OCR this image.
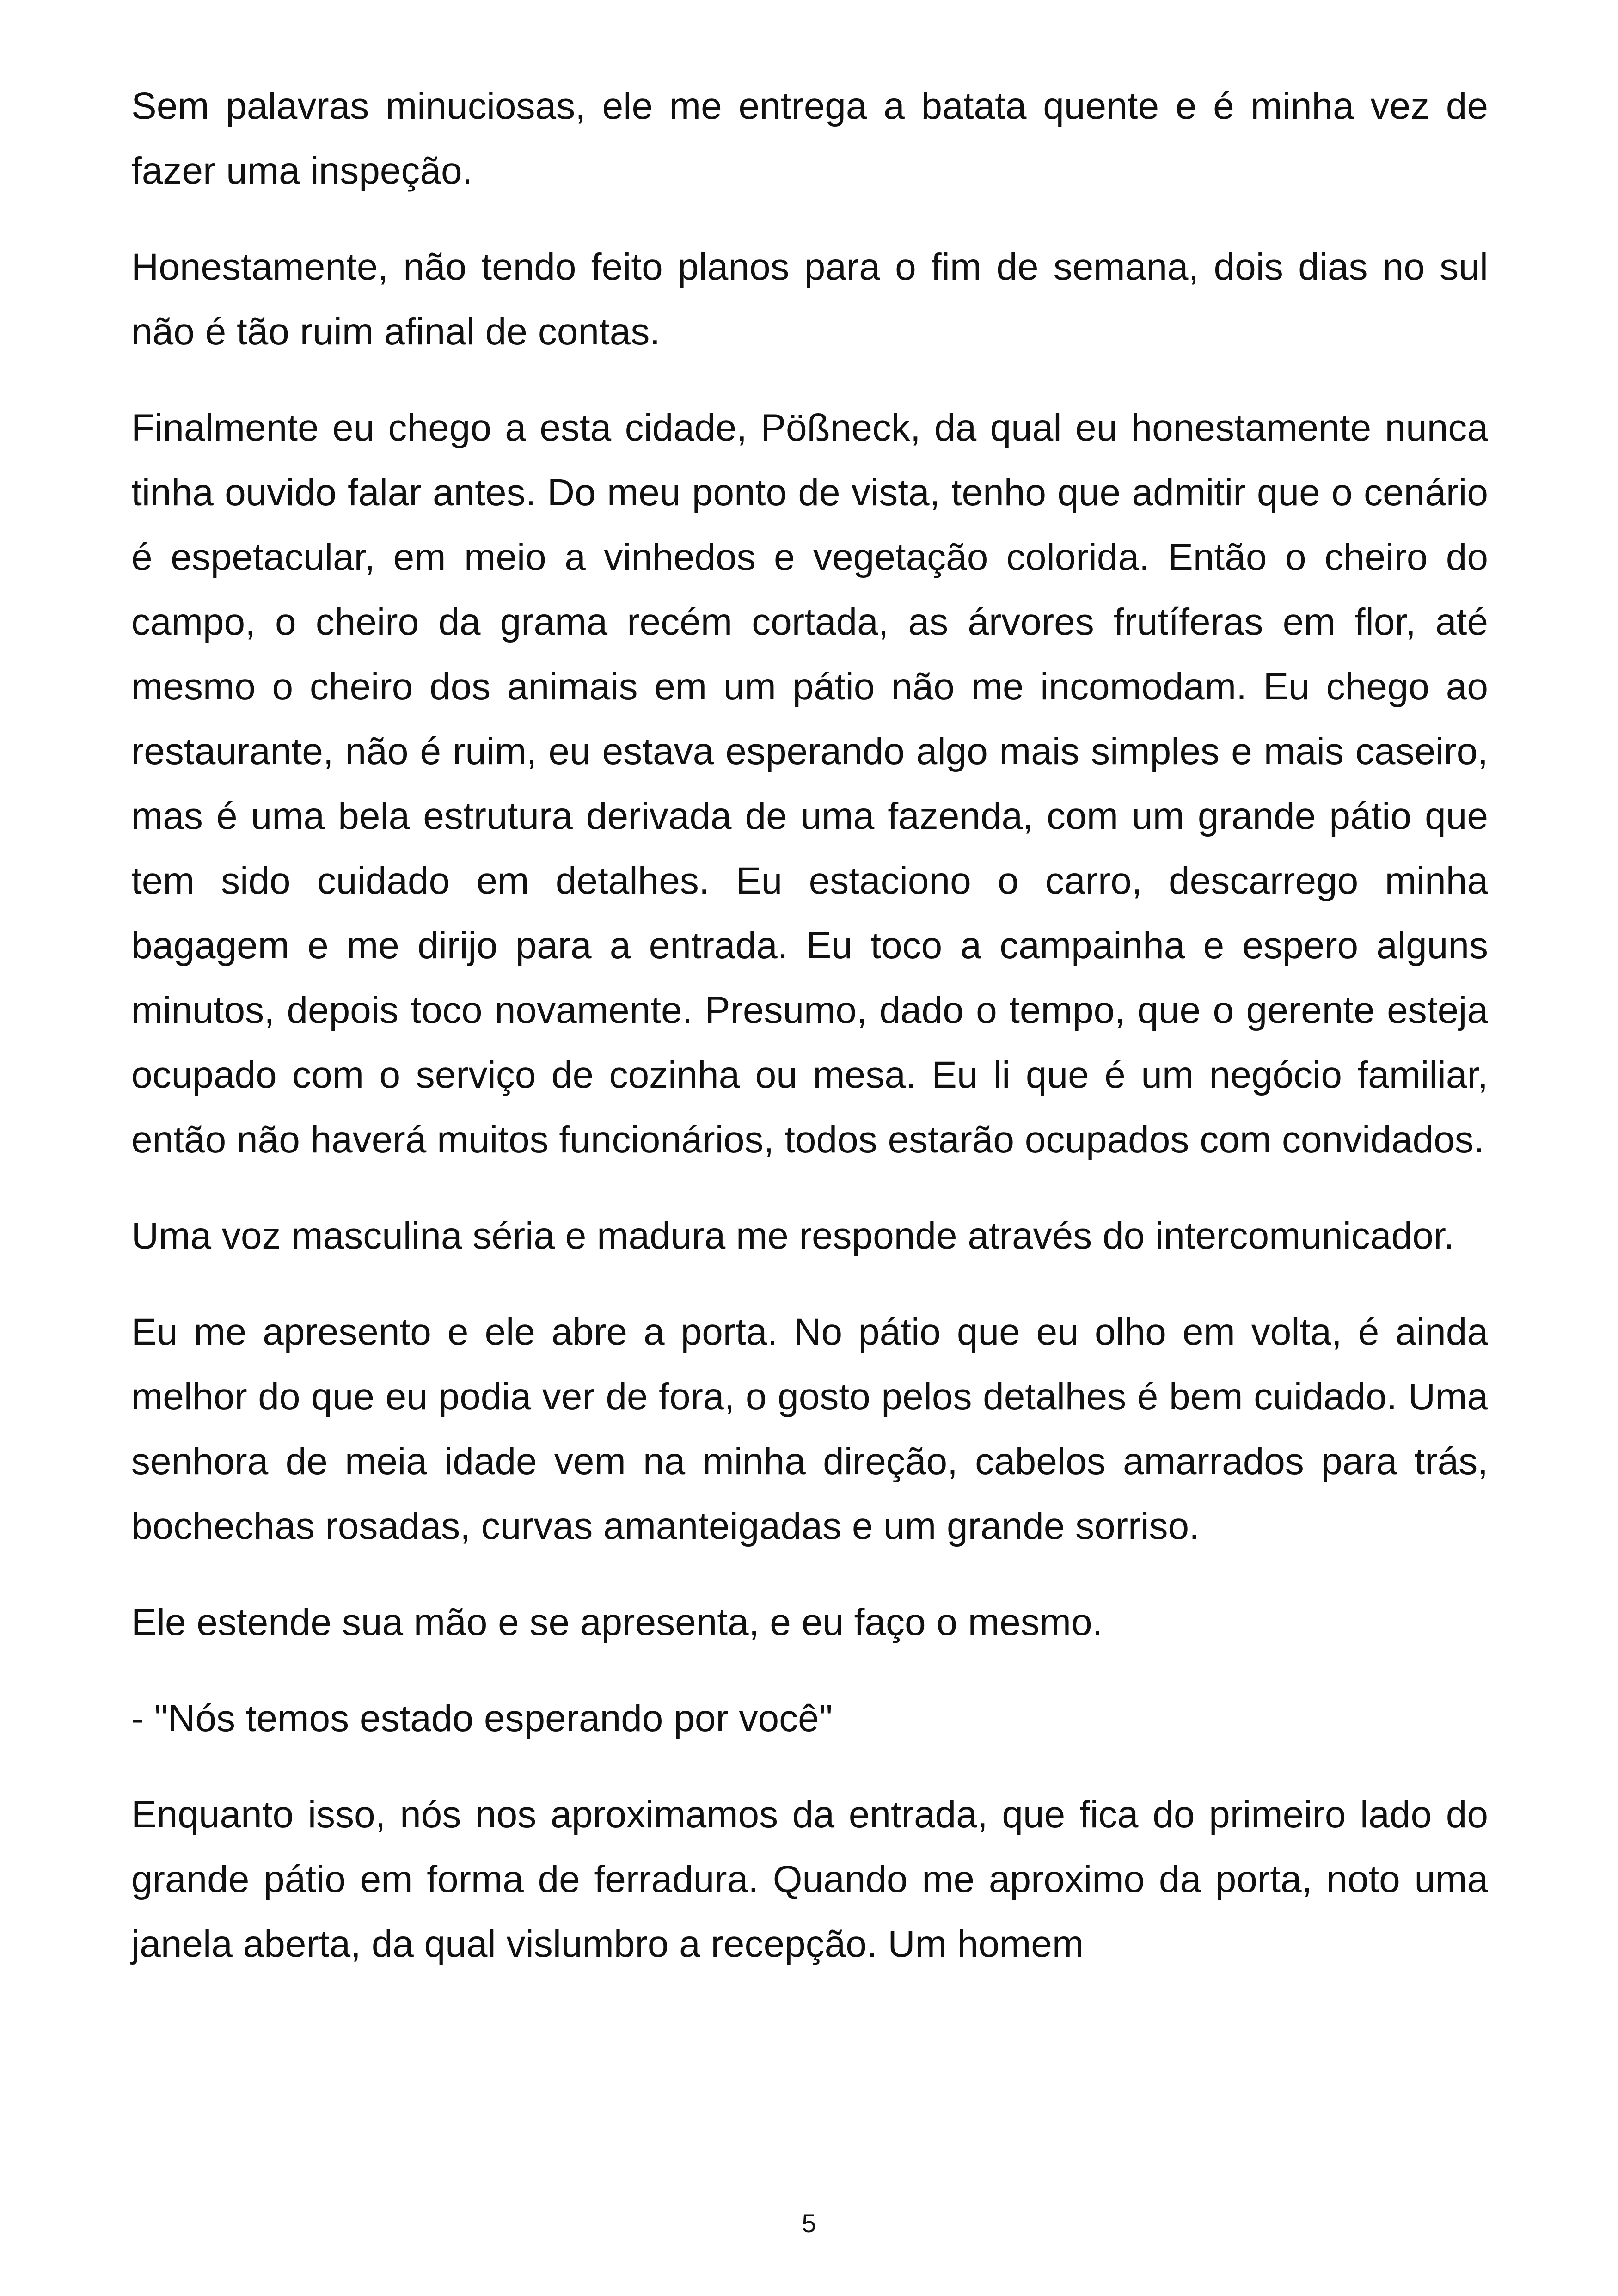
Sem palavras minuciosas, ele me entrega a batata quente e é minha vez de fazer uma inspeção.

Honestamente, não tendo feito planos para o fim de semana, dois dias no sul não é tão ruim afinal de contas.

Finalmente eu chego a esta cidade, Pößneck, da qual eu honestamente nunca tinha ouvido falar antes. Do meu ponto de vista, tenho que admitir que o cenário é espetacular, em meio a vinhedos e vegetação colorida. Então o cheiro do campo, o cheiro da grama recém cortada, as árvores frutíferas em flor, até mesmo o cheiro dos animais em um pátio não me incomodam. Eu chego ao restaurante, não é ruim, eu estava esperando algo mais simples e mais caseiro, mas é uma bela estrutura derivada de uma fazenda, com um grande pátio que tem sido cuidado em detalhes. Eu estaciono o carro, descarrego minha bagagem e me dirijo para a entrada. Eu toco a campainha e espero alguns minutos, depois toco novamente. Presumo, dado o tempo, que o gerente esteja ocupado com o serviço de cozinha ou mesa. Eu li que é um negócio familiar, então não haverá muitos funcionários, todos estarão ocupados com convidados.

Uma voz masculina séria e madura me responde através do intercomunicador.

Eu me apresento e ele abre a porta. No pátio que eu olho em volta, é ainda melhor do que eu podia ver de fora, o gosto pelos detalhes é bem cuidado. Uma senhora de meia idade vem na minha direção, cabelos amarrados para trás, bochechas rosadas, curvas amanteigadas e um grande sorriso.

Ele estende sua mão e se apresenta, e eu faço o mesmo.

- "Nós temos estado esperando por você"

Enquanto isso, nós nos aproximamos da entrada, que fica do primeiro lado do grande pátio em forma de ferradura. Quando me aproximo da porta, noto uma janela aberta, da qual vislumbro a recepção. Um homem

5
